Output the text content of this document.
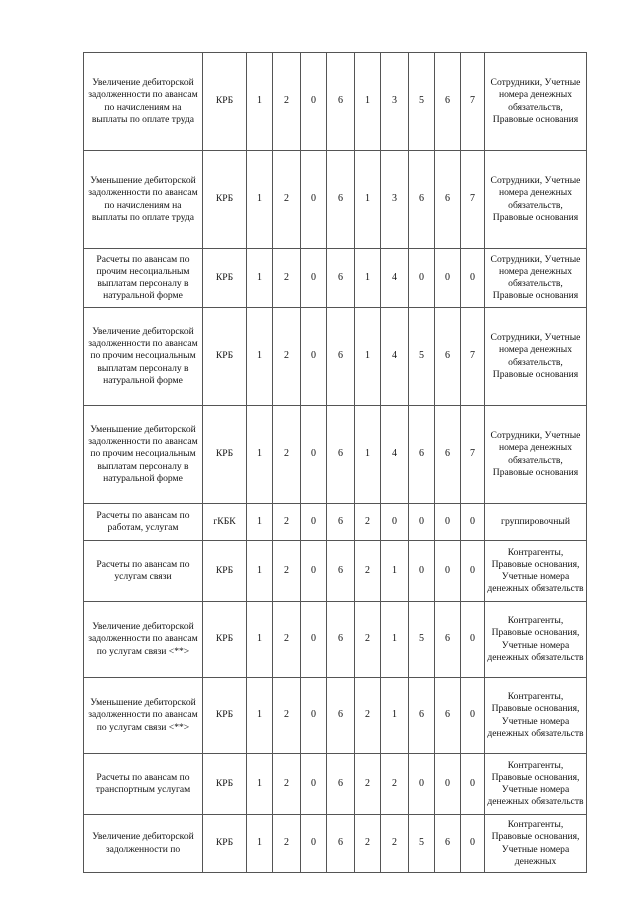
Увеличение дебиторской задолженности по авансам по начислениям на выплаты по оплате труда	КРБ	1	2	0	6	1	3	5	6	7	Сотрудники, Учетные номера денежных обязательств, Правовые основания
Уменьшение дебиторской задолженности по авансам по начислениям на выплаты по оплате труда	КРБ	1	2	0	6	1	3	6	6	7	Сотрудники, Учетные номера денежных обязательств, Правовые основания
Расчеты по авансам по прочим несоциальным выплатам персоналу в натуральной форме	КРБ	1	2	0	6	1	4	0	0	0	Сотрудники, Учетные номера денежных обязательств, Правовые основания
Увеличение дебиторской задолженности по авансам по прочим несоциальным выплатам персоналу в натуральной форме	КРБ	1	2	0	6	1	4	5	6	7	Сотрудники, Учетные номера денежных обязательств, Правовые основания
Уменьшение дебиторской задолженности по авансам по прочим несоциальным выплатам персоналу в натуральной форме	КРБ	1	2	0	6	1	4	6	6	7	Сотрудники, Учетные номера денежных обязательств, Правовые основания
Расчеты по авансам по работам, услугам	гКБК	1	2	0	6	2	0	0	0	0	группировочный
Расчеты по авансам по услугам связи	КРБ	1	2	0	6	2	1	0	0	0	Контрагенты, Правовые основания, Учетные номера денежных обязательств
Увеличение дебиторской задолженности по авансам по услугам связи <**>	КРБ	1	2	0	6	2	1	5	6	0	Контрагенты, Правовые основания, Учетные номера денежных обязательств
Уменьшение дебиторской задолженности по авансам по услугам связи <**>	КРБ	1	2	0	6	2	1	6	6	0	Контрагенты, Правовые основания, Учетные номера денежных обязательств
Расчеты по авансам по транспортным услугам	КРБ	1	2	0	6	2	2	0	0	0	Контрагенты, Правовые основания, Учетные номера денежных обязательств
Увеличение дебиторской задолженности по	КРБ	1	2	0	6	2	2	5	6	0	Контрагенты, Правовые основания, Учетные номера денежных
